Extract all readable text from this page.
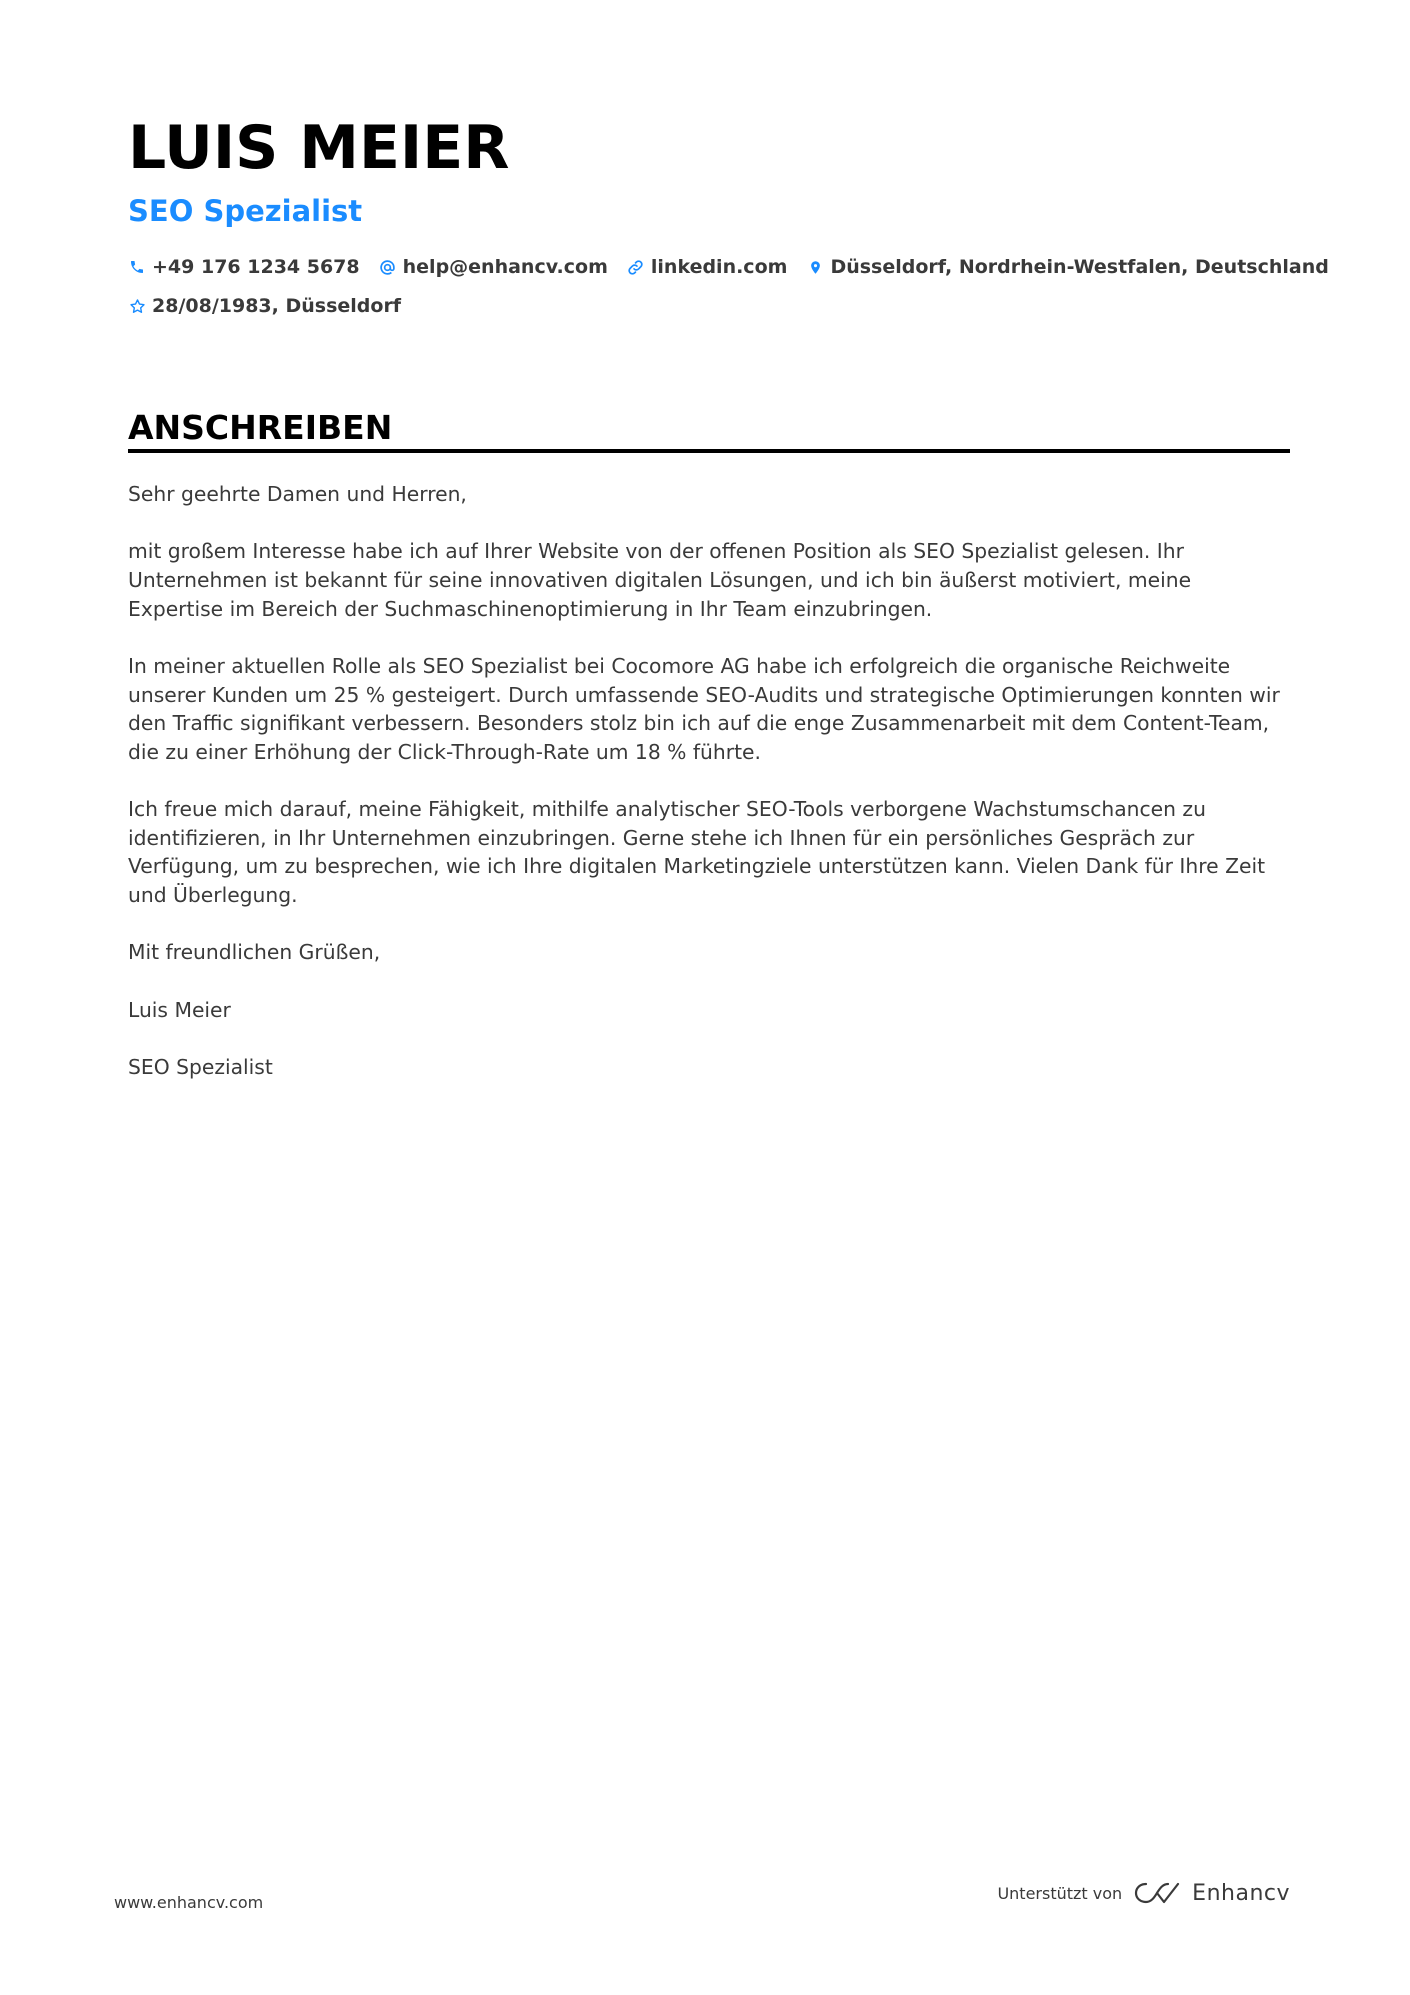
LUIS MEIER
SEO Spezialist
+49 176 1234 5678 help@enhancv.com linkedin.com Düsseldorf, Nordrhein-Westfalen, Deutschland
28/08/1983, Düsseldorf
ANSCHREIBEN

Sehr geehrte Damen und Herren,

mit großem Interesse habe ich auf Ihrer Website von der offenen Position als SEO Spezialist gelesen. Ihr Unternehmen ist bekannt für seine innovativen digitalen Lösungen, und ich bin äußerst motiviert, meine Expertise im Bereich der Suchmaschinenoptimierung in Ihr Team einzubringen.

In meiner aktuellen Rolle als SEO Spezialist bei Cocomore AG habe ich erfolgreich die organische Reichweite unserer Kunden um 25 % gesteigert. Durch umfassende SEO-Audits und strategische Optimierungen konnten wir den Traffic signifikant verbessern. Besonders stolz bin ich auf die enge Zusammenarbeit mit dem Content-Team, die zu einer Erhöhung der Click-Through-Rate um 18 % führte.

Ich freue mich darauf, meine Fähigkeit, mithilfe analytischer SEO-Tools verborgene Wachstumschancen zu identifizieren, in Ihr Unternehmen einzubringen. Gerne stehe ich Ihnen für ein persönliches Gespräch zur Verfügung, um zu besprechen, wie ich Ihre digitalen Marketingziele unterstützen kann. Vielen Dank für Ihre Zeit und Überlegung.

Mit freundlichen Grüßen,

Luis Meier

SEO Spezialist

www.enhancv.com	Unterstützt von	Enhancv
